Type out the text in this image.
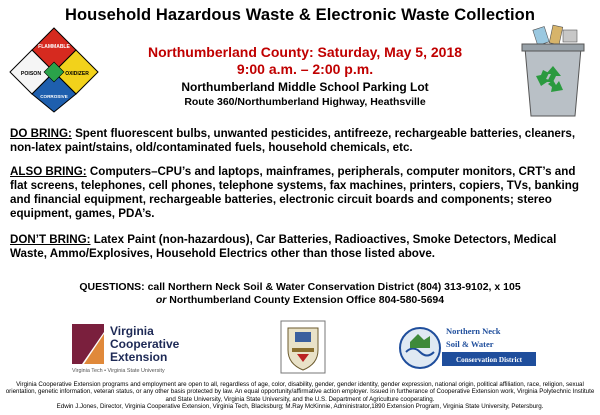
Household Hazardous Waste & Electronic Waste Collection
FLAMMABLE
POISON	OXIDIZER
CORROSIVE
Northumberland County: Saturday, May 5, 2018
9:00 a.m. – 2:00 p.m.
Northumberland Middle School Parking Lot
Route 360/Northumberland Highway, Heathsville
DO BRING: Spent fluorescent bulbs, unwanted pesticides, antifreeze, rechargeable batteries, cleaners, non-latex paint/stains, old/contaminated fuels, household chemicals, etc.
ALSO BRING: Computers–CPU’s and laptops, mainframes, peripherals, computer monitors, CRT’s and flat screens, telephones, cell phones, telephone systems, fax machines, printers, copiers, TVs, banking and financial equipment, rechargeable batteries, electronic circuit boards and components; stereo equipment, games, PDA’s.
DON’T BRING: Latex Paint (non-hazardous), Car Batteries, Radioactives, Smoke Detectors, Medical Waste, Ammo/Explosives, Household Electrics other than those listed above.
QUESTIONS: call Northern Neck Soil & Water Conservation District (804) 313-9102, x 105
or Northumberland County Extension Office 804-580-5694
Virginia
Cooperative
Extension
Virginia Tech • Virginia State University
Northern Neck
Soil & Water
Conservation District
Virginia Cooperative Extension programs and employment are open to all, regardless of age, color, disability, gender, gender identity, gender expression, national origin, political affiliation, race, religion, sexual orientation, genetic information, veteran status, or any other basis protected by law. An equal opportunity/affirmative action employer. Issued in furtherance of Cooperative Extension work, Virginia Polytechnic Institute and State University, Virginia State University, and the U.S. Department of Agriculture cooperating.
Edwin J.Jones, Director, Virginia Cooperative Extension, Virginia Tech, Blacksburg; M.Ray McKinnie, Administrator,1890 Extension Program, Virginia State University, Petersburg.
